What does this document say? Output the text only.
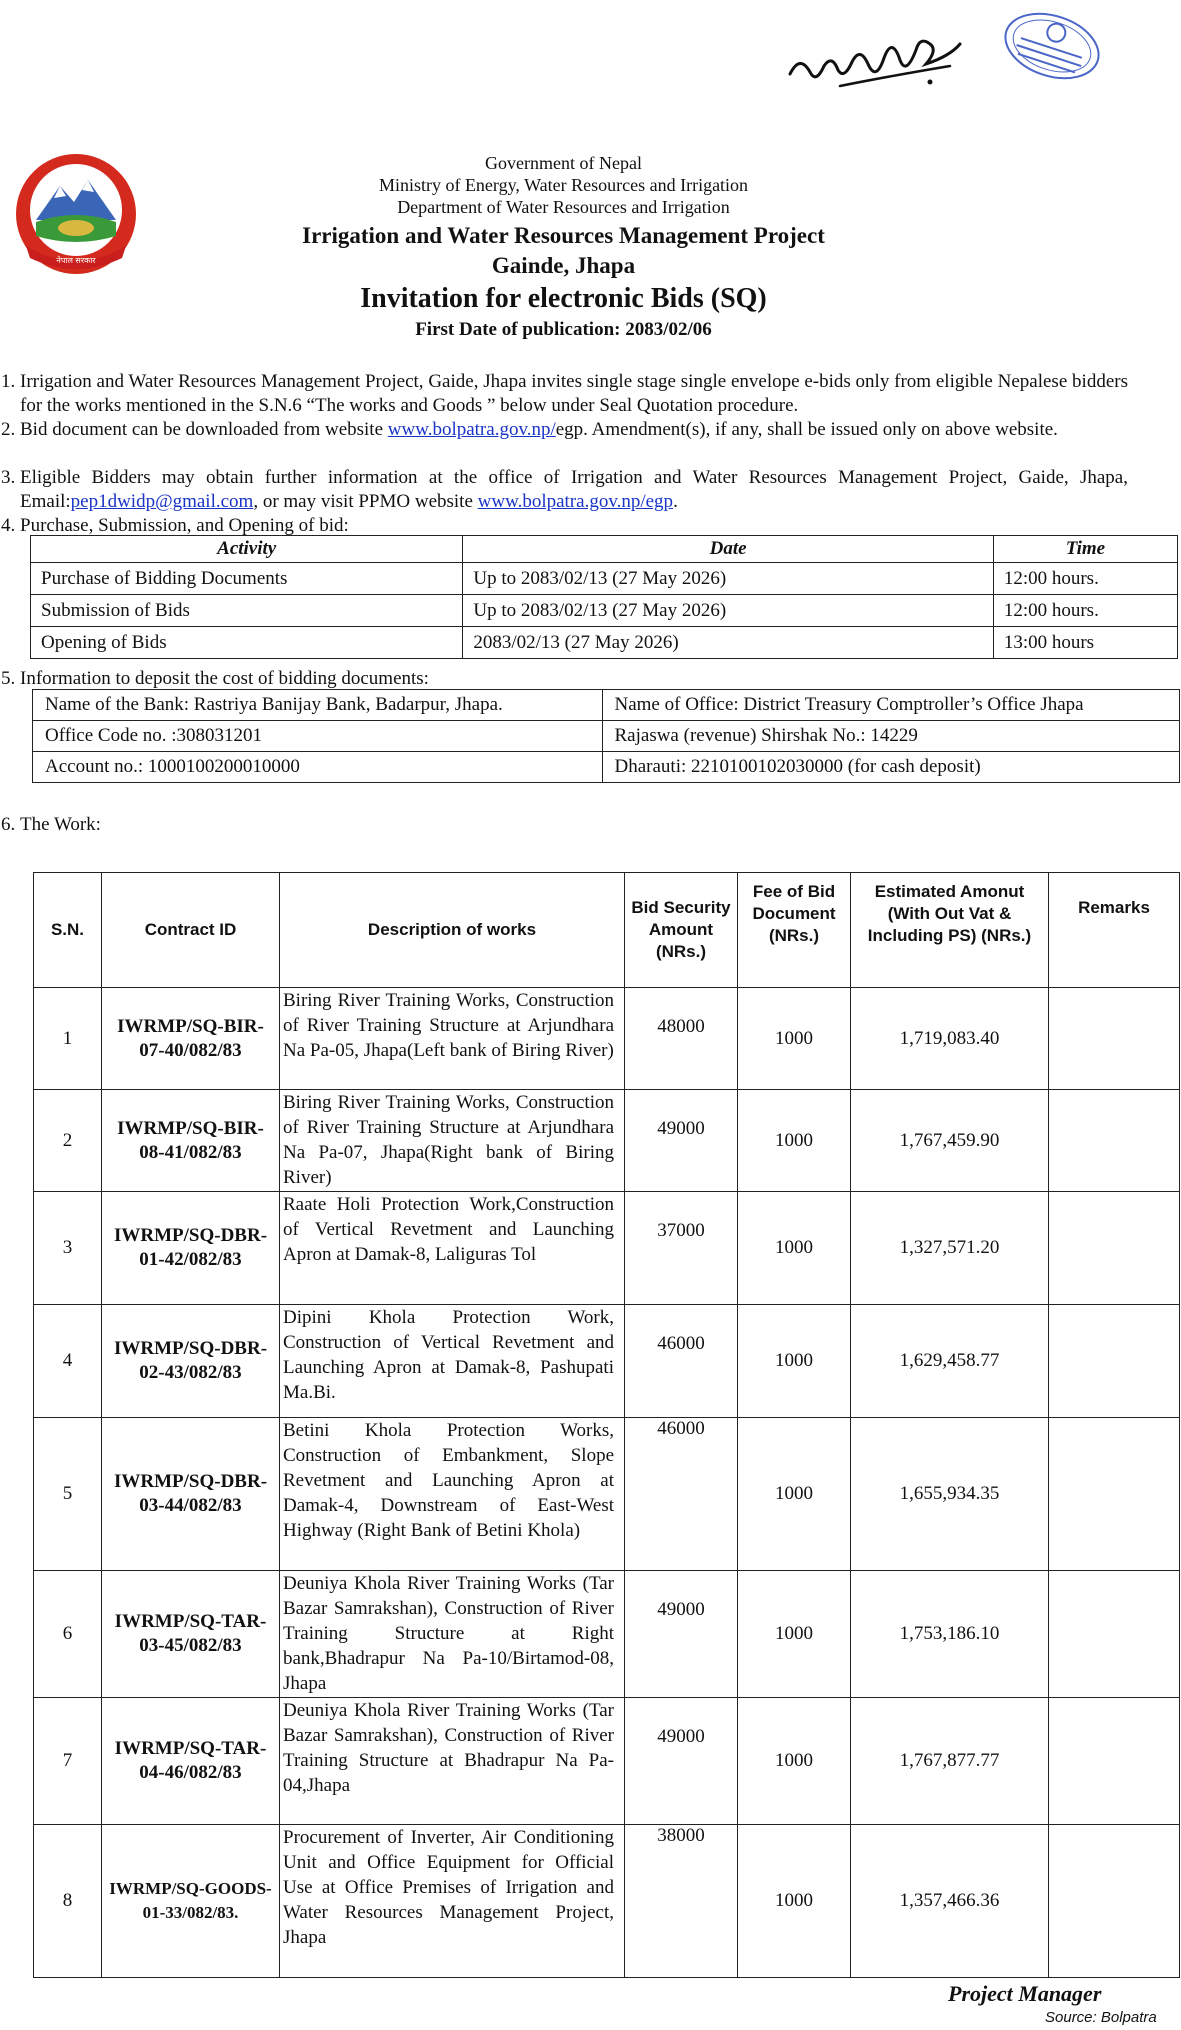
नेपाल सरकार
Government of Nepal
Ministry of Energy, Water Resources and Irrigation
Department of Water Resources and Irrigation
Irrigation and Water Resources Management Project
Gainde, Jhapa
Invitation for electronic Bids (SQ)
First Date of publication: 2083/02/06
1. Irrigation and Water Resources Management Project, Gaide, Jhapa invites single stage single envelope e-bids only from eligible Nepalese bidders for the works mentioned in the S.N.6 “The works and Goods ” below under Seal Quotation procedure.
2. Bid document can be downloaded from website www.bolpatra.gov.np/egp. Amendment(s), if any, shall be issued only on above website.
3. Eligible Bidders may obtain further information at the office of Irrigation and Water Resources Management Project, Gaide, Jhapa, Email:pep1dwidp@gmail.com, or may visit PPMO website www.bolpatra.gov.np/egp.
4. Purchase, Submission, and Opening of bid:
Activity	Date	Time
Purchase of Bidding Documents	Up to 2083/02/13 (27 May 2026)	12:00 hours.
Submission of Bids	Up to 2083/02/13 (27 May 2026)	12:00 hours.
Opening of Bids	2083/02/13 (27 May 2026)	13:00 hours
5. Information to deposit the cost of bidding documents:
Name of the Bank: Rastriya Banijay Bank, Badarpur, Jhapa.	Name of Office: District Treasury Comptroller’s Office Jhapa
Office Code no. :308031201	Rajaswa (revenue) Shirshak No.: 14229
Account no.: 1000100200010000	Dharauti: 2210100102030000 (for cash deposit)
6. The Work:
S.N.	Contract ID	Description of works	Bid Security Amount (NRs.)	Fee of Bid Document (NRs.)	Estimated Amonut (With Out Vat & Including PS) (NRs.)	Remarks
1	IWRMP/SQ-BIR-07-40/082/83	Biring River Training Works, Construction of River Training Structure at Arjundhara Na Pa-05, Jhapa(Left bank of Biring River)	48000	1000	1,719,083.40	
2	IWRMP/SQ-BIR-08-41/082/83	Biring River Training Works, Construction of River Training Structure at Arjundhara Na Pa-07, Jhapa(Right bank of Biring River)	49000	1000	1,767,459.90	
3	IWRMP/SQ-DBR-01-42/082/83	Raate Holi Protection Work,Construction of Vertical Revetment and Launching Apron at Damak-8, Laliguras Tol	37000	1000	1,327,571.20	
4	IWRMP/SQ-DBR-02-43/082/83	Dipini Khola Protection Work, Construction of Vertical Revetment and Launching Apron at Damak-8, Pashupati Ma.Bi.	46000	1000	1,629,458.77	
5	IWRMP/SQ-DBR-03-44/082/83	Betini Khola Protection Works, Construction of Embankment, Slope Revetment and Launching Apron at Damak-4, Downstream of East-West Highway (Right Bank of Betini Khola)	46000	1000	1,655,934.35	
6	IWRMP/SQ-TAR-03-45/082/83	Deuniya Khola River Training Works (Tar Bazar Samrakshan), Construction of River Training Structure at Right bank,Bhadrapur Na Pa-10/Birtamod-08, Jhapa	49000	1000	1,753,186.10	
7	IWRMP/SQ-TAR-04-46/082/83	Deuniya Khola River Training Works (Tar Bazar Samrakshan), Construction of River Training Structure at Bhadrapur Na Pa-04,Jhapa	49000	1000	1,767,877.77	
8	IWRMP/SQ-GOODS-01-33/082/83.	Procurement of Inverter, Air Conditioning Unit and Office Equipment for Official Use at Office Premises of Irrigation and Water Resources Management Project, Jhapa	38000	1000	1,357,466.36	
Project Manager
Source: Bolpatra
